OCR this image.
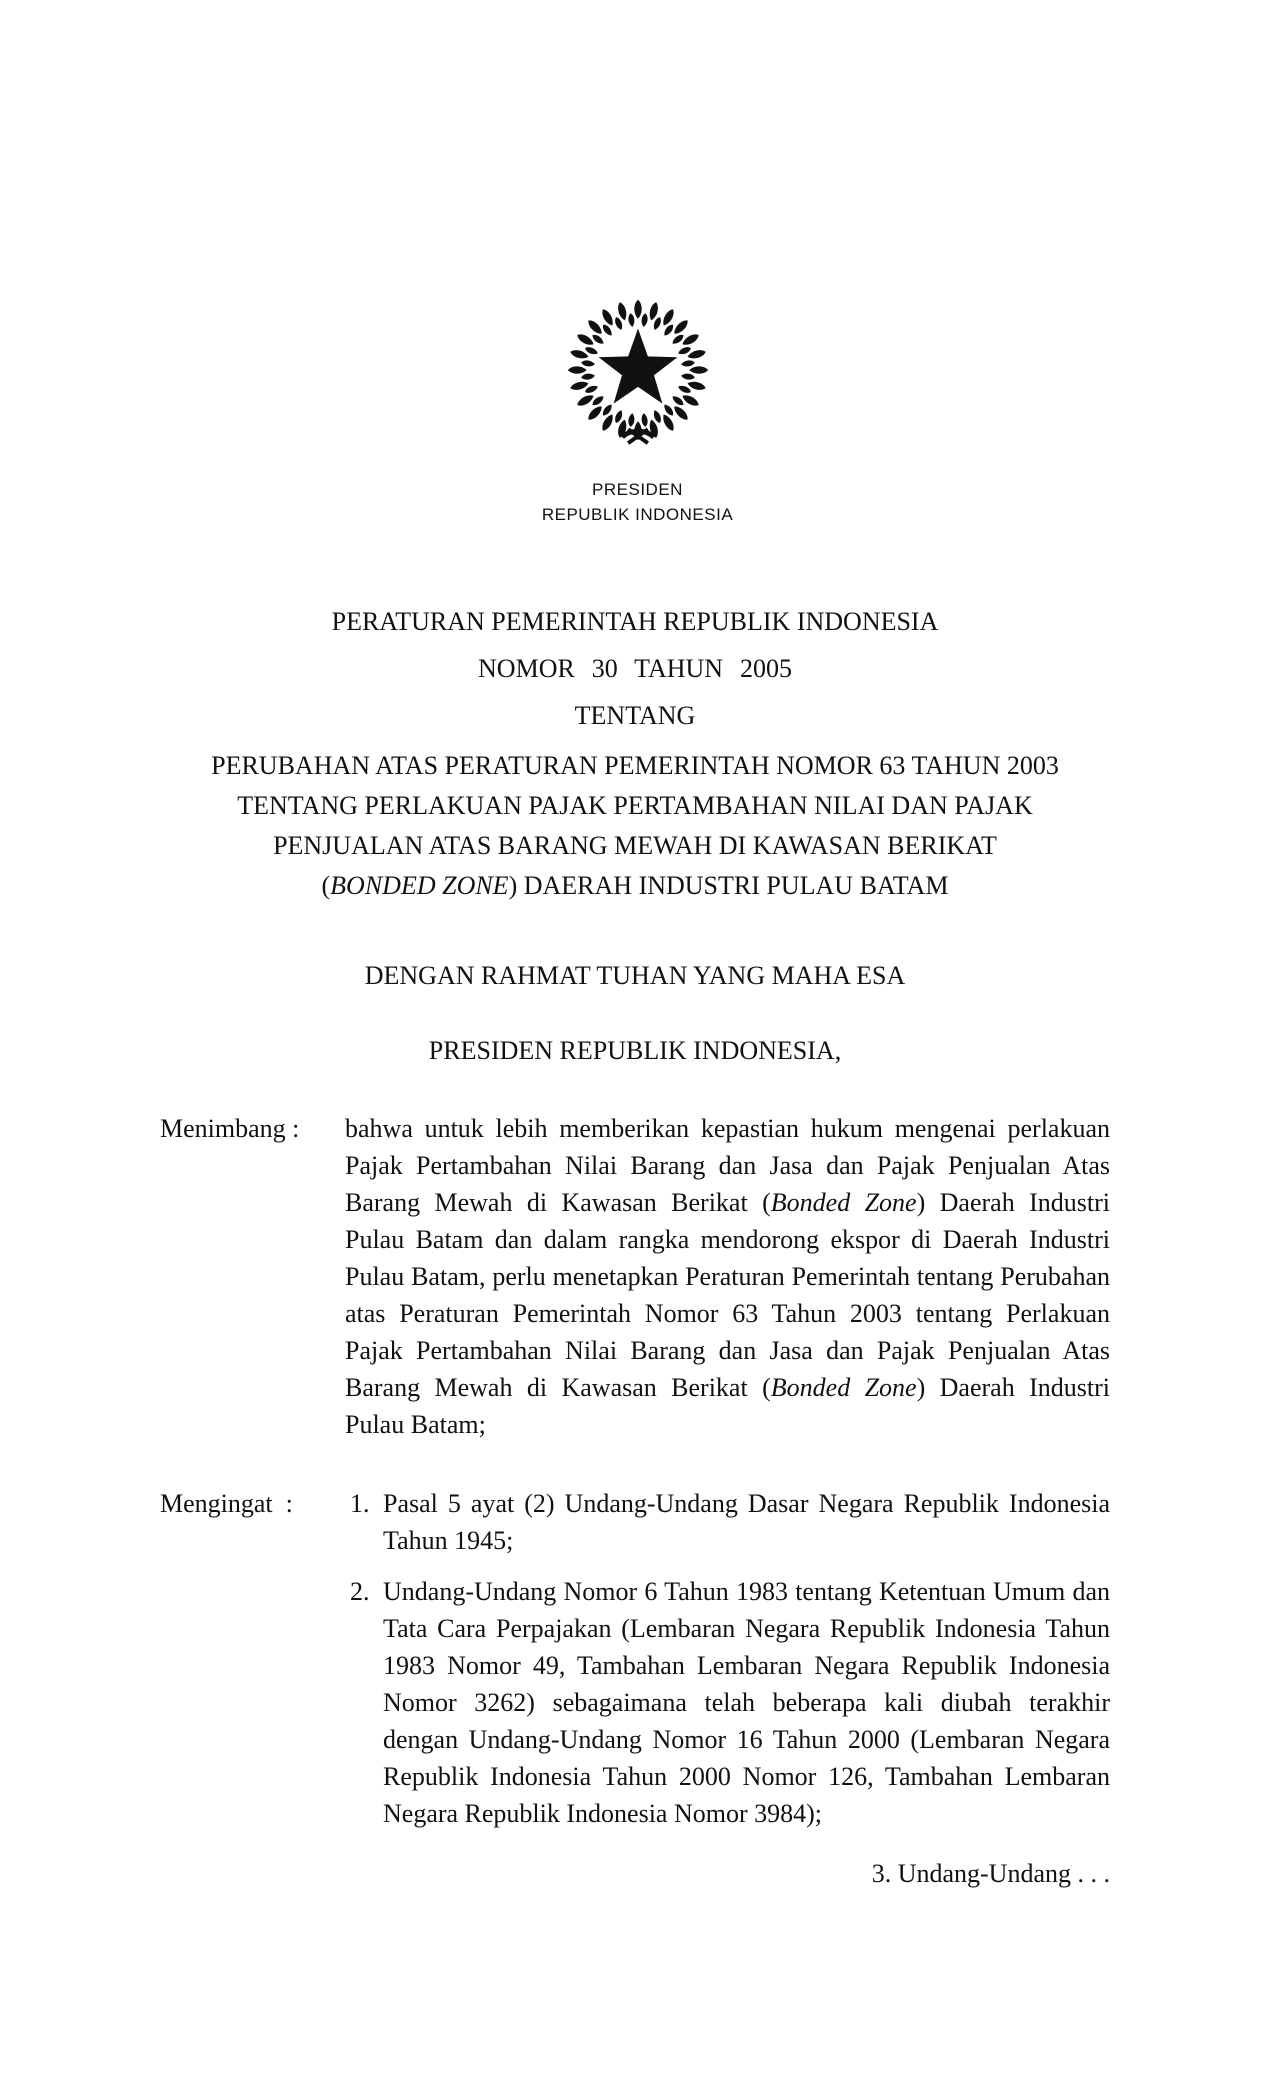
PRESIDEN
REPUBLIK INDONESIA
PERATURAN PEMERINTAH REPUBLIK INDONESIA
NOMOR 30 TAHUN 2005
TENTANG
PERUBAHAN ATAS PERATURAN PEMERINTAH NOMOR 63 TAHUN 2003
TENTANG PERLAKUAN PAJAK PERTAMBAHAN NILAI DAN PAJAK
PENJUALAN ATAS BARANG MEWAH DI KAWASAN BERIKAT
(BONDED ZONE) DAERAH INDUSTRI PULAU BATAM
DENGAN RAHMAT TUHAN YANG MAHA ESA
PRESIDEN REPUBLIK INDONESIA,
Menimbang :	bahwa untuk lebih memberikan kepastian hukum mengenai perlakuan Pajak Pertambahan Nilai Barang dan Jasa dan Pajak Penjualan Atas Barang Mewah di Kawasan Berikat (Bonded Zone) Daerah Industri Pulau Batam dan dalam rangka mendorong ekspor di Daerah Industri Pulau Batam, perlu menetapkan Peraturan Pemerintah tentang Perubahan atas Peraturan Pemerintah Nomor 63 Tahun 2003 tentang Perlakuan Pajak Pertambahan Nilai Barang dan Jasa dan Pajak Penjualan Atas Barang Mewah di Kawasan Berikat (Bonded Zone) Daerah Industri Pulau Batam;
Mengingat  :	1. Pasal 5 ayat (2) Undang-Undang Dasar Negara Republik Indonesia Tahun 1945;
2. Undang-Undang Nomor 6 Tahun 1983 tentang Ketentuan Umum dan Tata Cara Perpajakan (Lembaran Negara Republik Indonesia Tahun 1983 Nomor 49, Tambahan Lembaran Negara Republik Indonesia Nomor 3262) sebagaimana telah beberapa kali diubah terakhir dengan Undang-Undang Nomor 16 Tahun 2000 (Lembaran Negara Republik Indonesia Tahun 2000 Nomor 126, Tambahan Lembaran Negara Republik Indonesia Nomor 3984);
3. Undang-Undang . . .
